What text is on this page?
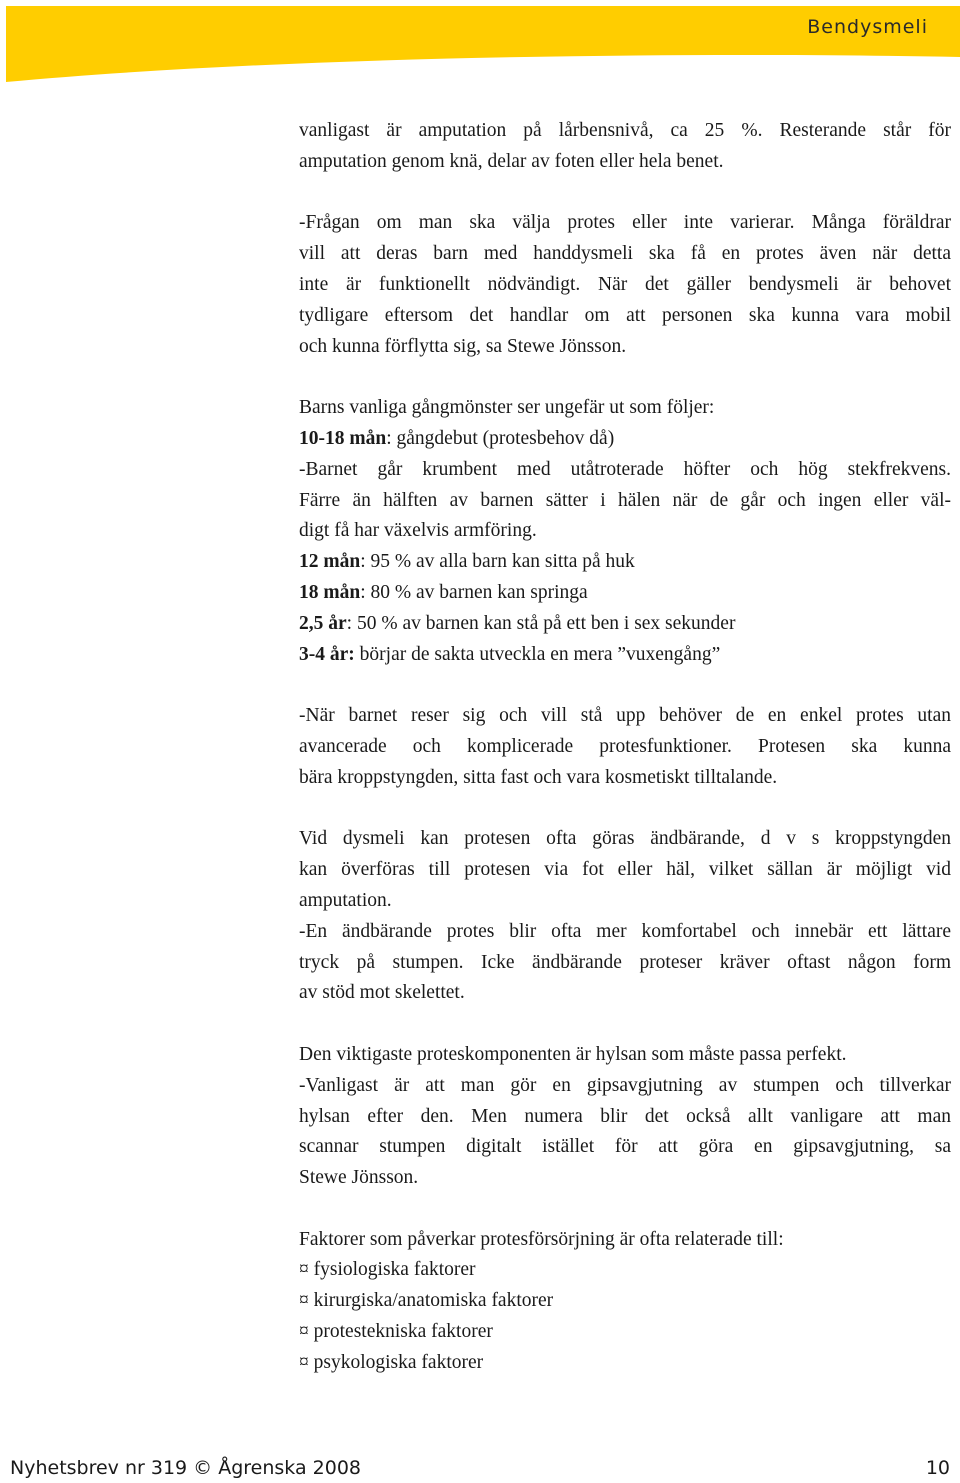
Bendysmeli
vanligast är amputation på lårbensnivå, ca 25 %. Resterande står för
amputation genom knä, delar av foten eller hela benet.
-Frågan om man ska välja protes eller inte varierar. Många föräldrar
vill att deras barn med handdysmeli ska få en protes även när detta
inte är funktionellt nödvändigt. När det gäller bendysmeli är behovet
tydligare eftersom det handlar om att personen ska kunna vara mobil
och kunna förflytta sig, sa Stewe Jönsson.
Barns vanliga gångmönster ser ungefär ut som följer:
10-18 mån: gångdebut (protesbehov då)
-Barnet går krumbent med utåtroterade höfter och hög stekfrekvens.
Färre än hälften av barnen sätter i hälen när de går och ingen eller väl-
digt få har växelvis armföring.
12 mån: 95 % av alla barn kan sitta på huk
18 mån: 80 % av barnen kan springa
2,5 år: 50 % av barnen kan stå på ett ben i sex sekunder
3-4 år: börjar de sakta utveckla en mera ”vuxengång”
-När barnet reser sig och vill stå upp behöver de en enkel protes utan
avancerade och komplicerade protesfunktioner. Protesen ska kunna
bära kroppstyngden, sitta fast och vara kosmetiskt tilltalande.
Vid dysmeli kan protesen ofta göras ändbärande, d v s kroppstyngden
kan överföras till protesen via fot eller häl, vilket sällan är möjligt vid
amputation.
-En ändbärande protes blir ofta mer komfortabel och innebär ett lättare
tryck på stumpen. Icke ändbärande proteser kräver oftast någon form
av stöd mot skelettet.
Den viktigaste proteskomponenten är hylsan som måste passa perfekt.
-Vanligast är att man gör en gipsavgjutning av stumpen och tillverkar
hylsan efter den. Men numera blir det också allt vanligare att man
scannar stumpen digitalt istället för att göra en gipsavgjutning, sa
Stewe Jönsson.
Faktorer som påverkar protesförsörjning är ofta relaterade till:
¤ fysiologiska faktorer
¤ kirurgiska/anatomiska faktorer
¤ protestekniska faktorer
¤ psykologiska faktorer
Nyhetsbrev nr 319 © Ågrenska 2008	10
